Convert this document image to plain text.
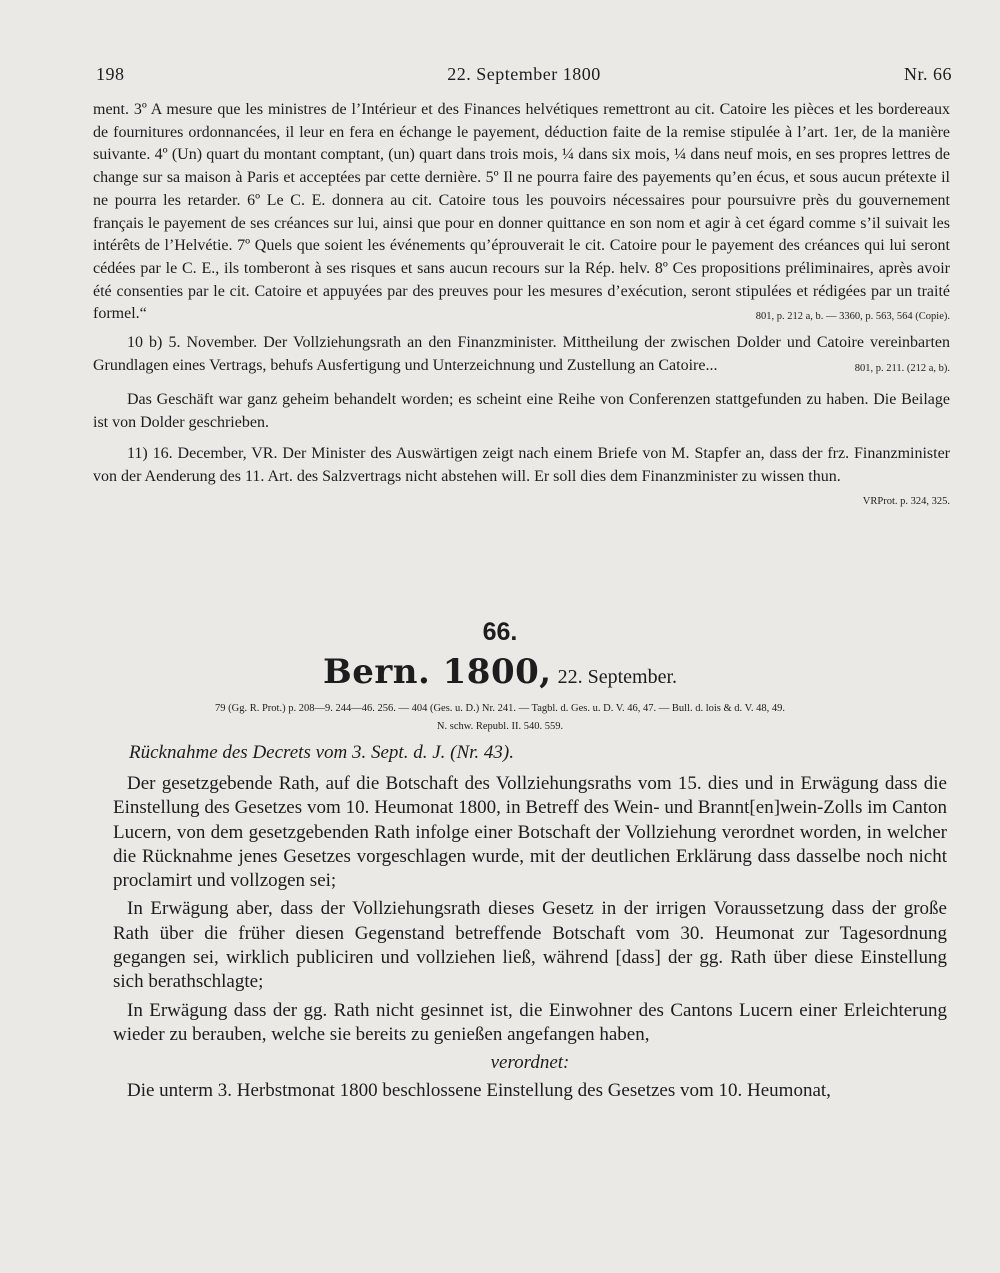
198	22. September 1800	Nr. 66

ment. 3º A mesure que les ministres de l’Intérieur et des Finances helvétiques remettront au cit. Catoire les pièces et les bordereaux de fournitures ordonnancées, il leur en fera en échange le payement, déduction faite de la remise stipulée à l’art. 1er, de la manière suivante. 4º (Un) quart du montant comptant, (un) quart dans trois mois, ¼ dans six mois, ¼ dans neuf mois, en ses propres lettres de change sur sa maison à Paris et acceptées par cette dernière. 5º Il ne pourra faire des payements qu’en écus, et sous aucun prétexte il ne pourra les retarder. 6º Le C. E. donnera au cit. Catoire tous les pouvoirs nécessaires pour poursuivre près du gouvernement français le payement de ses créances sur lui, ainsi que pour en donner quittance en son nom et agir à cet égard comme s’il suivait les intérêts de l’Helvétie. 7º Quels que soient les événements qu’éprouverait le cit. Catoire pour le payement des créances qui lui seront cédées par le C. E., ils tomberont à ses risques et sans aucun recours sur la Rép. helv. 8º Ces propositions préliminaires, après avoir été consenties par le cit. Catoire et appuyées par des preuves pour les mesures d’exécution, seront stipulées et rédigées par un traité formel.“	801, p. 212 a, b. — 3360, p. 563, 564 (Copie).

10 b) 5. November. Der Vollziehungsrath an den Finanzminister. Mittheilung der zwischen Dolder und Catoire vereinbarten Grundlagen eines Vertrags, behufs Ausfertigung und Unterzeichnung und Zustellung an Catoire...	801, p. 211. (212 a, b).

Das Geschäft war ganz geheim behandelt worden; es scheint eine Reihe von Conferenzen stattgefunden zu haben. Die Beilage ist von Dolder geschrieben.

11) 16. December, VR. Der Minister des Auswärtigen zeigt nach einem Briefe von M. Stapfer an, dass der frz. Finanzminister von der Aenderung des 11. Art. des Salzvertrags nicht abstehen will. Er soll dies dem Finanzminister zu wissen thun.
VRProt. p. 324, 325.

66.
Bern. 1800, 22. September.
79 (Gg. R. Prot.) p. 208—9. 244—46. 256. — 404 (Ges. u. D.) Nr. 241. — Tagbl. d. Ges. u. D. V. 46, 47. — Bull. d. lois & d. V. 48, 49.
N. schw. Republ. II. 540. 559.
Rücknahme des Decrets vom 3. Sept. d. J. (Nr. 43).

Der gesetzgebende Rath, auf die Botschaft des Vollziehungsraths vom 15. dies und in Erwägung dass die Einstellung des Gesetzes vom 10. Heumonat 1800, in Betreff des Wein- und Brannt[en]wein-Zolls im Canton Lucern, von dem gesetzgebenden Rath infolge einer Botschaft der Vollziehung verordnet worden, in welcher die Rücknahme jenes Gesetzes vorgeschlagen wurde, mit der deutlichen Erklärung dass dasselbe noch nicht proclamirt und vollzogen sei;

In Erwägung aber, dass der Vollziehungsrath dieses Gesetz in der irrigen Voraussetzung dass der große Rath über die früher diesen Gegenstand betreffende Botschaft vom 30. Heumonat zur Tagesordnung gegangen sei, wirklich publiciren und vollziehen ließ, während [dass] der gg. Rath über diese Einstellung sich berathschlagte;

In Erwägung dass der gg. Rath nicht gesinnet ist, die Einwohner des Cantons Lucern einer Erleichterung wieder zu berauben, welche sie bereits zu genießen angefangen haben,

verordnet:

Die unterm 3. Herbstmonat 1800 beschlossene Einstellung des Gesetzes vom 10. Heumonat,
